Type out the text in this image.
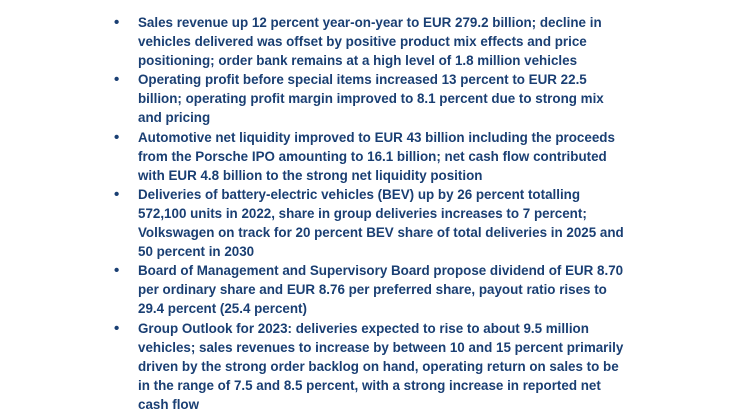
• Sales revenue up 12 percent year-on-year to EUR 279.2 billion; decline in vehicles delivered was offset by positive product mix effects and price positioning; order bank remains at a high level of 1.8 million vehicles
• Operating profit before special items increased 13 percent to EUR 22.5 billion; operating profit margin improved to 8.1 percent due to strong mix and pricing
• Automotive net liquidity improved to EUR 43 billion including the proceeds from the Porsche IPO amounting to 16.1 billion; net cash flow contributed with EUR 4.8 billion to the strong net liquidity position
• Deliveries of battery-electric vehicles (BEV) up by 26 percent totalling 572,100 units in 2022, share in group deliveries increases to 7 percent; Volkswagen on track for 20 percent BEV share of total deliveries in 2025 and 50 percent in 2030
• Board of Management and Supervisory Board propose dividend of EUR 8.70 per ordinary share and EUR 8.76 per preferred share, payout ratio rises to 29.4 percent (25.4 percent)
• Group Outlook for 2023: deliveries expected to rise to about 9.5 million vehicles; sales revenues to increase by between 10 and 15 percent primarily driven by the strong order backlog on hand, operating return on sales to be in the range of 7.5 and 8.5 percent, with a strong increase in reported net cash flow
